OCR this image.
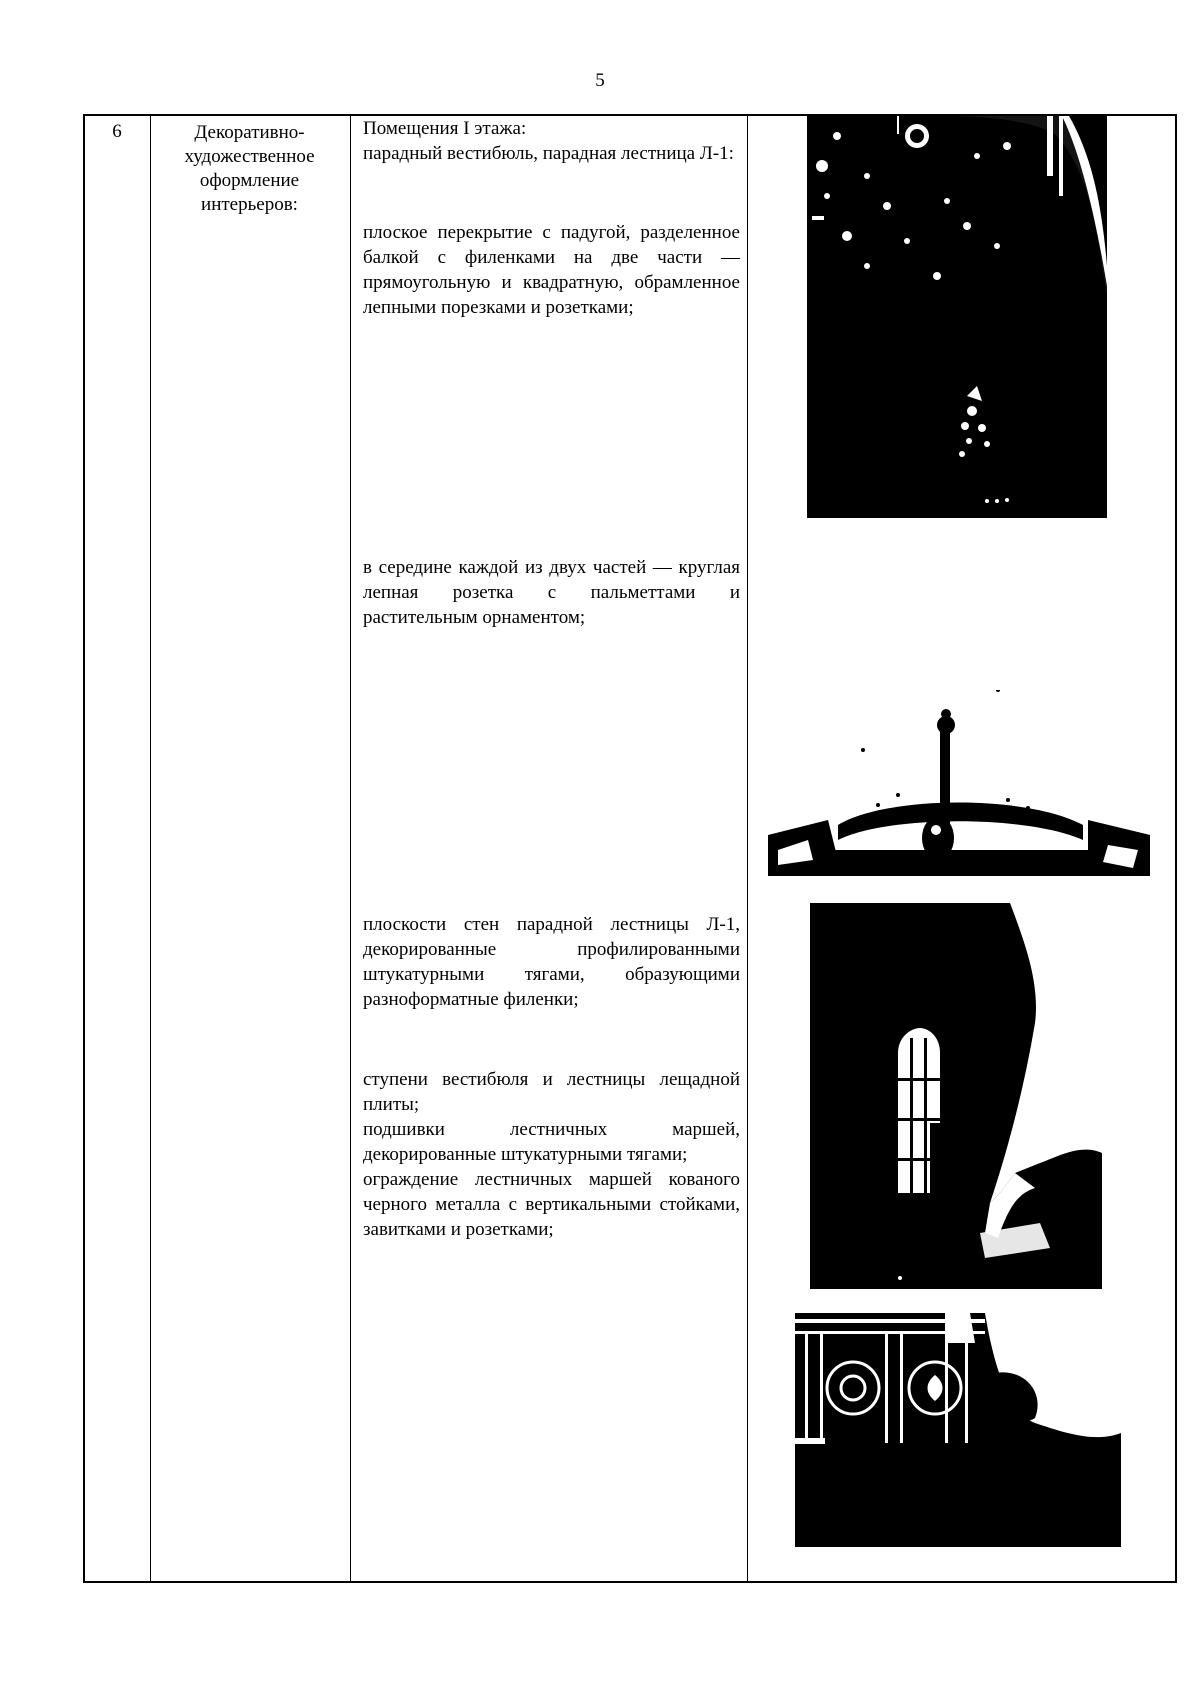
5
6	Декоративно-
художественное
оформление
интерьеров:

Помещения I этажа:

парадный вестибюль, парадная лестница Л-1:

плоское перекрытие с падугой, разделенное балкой с филенками на две части — прямоугольную и квадратную, обрамленное лепными порезками и розетками;

в середине каждой из двух частей — круглая лепная розетка с пальметтами и растительным орнаментом;

плоскости стен парадной лестницы Л-1, декорированные профилированными штукатурными тягами, образующими разноформатные филенки;

ступени вестибюля и лестницы лещадной плиты;

подшивки лестничных маршей, декорированные штукатурными тягами;

ограждение лестничных маршей кованого черного металла с вертикальными стойками, завитками и розетками;
